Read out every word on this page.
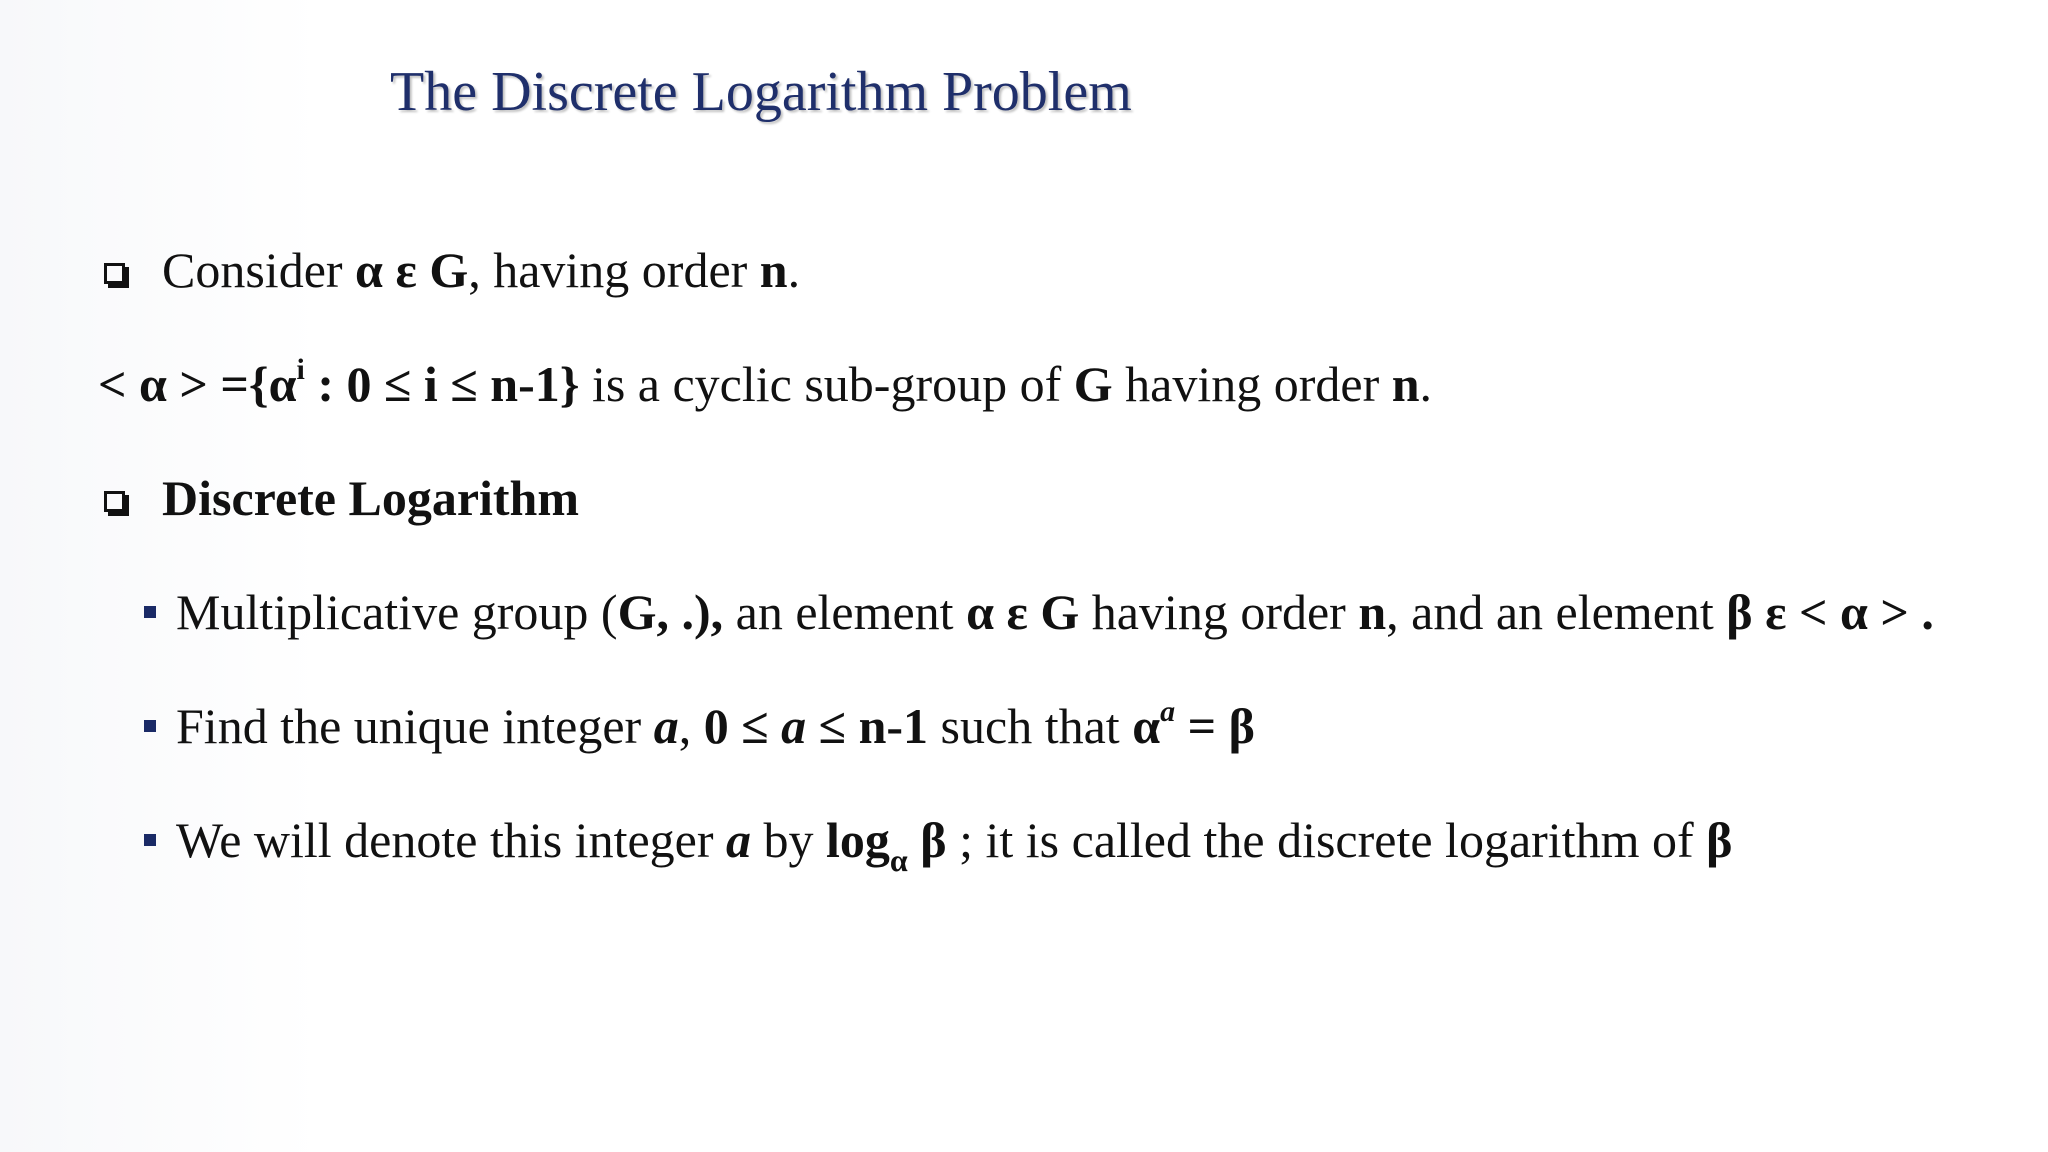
The Discrete Logarithm Problem
Consider α ε G, having order n.
< $\alpha > =\{\alpha^i$ : 0 ≤ i ≤ n-1} is a cyclic sub-group of G having order n.
Discrete Logarithm
Multiplicative group (G, .), an element α ε G having order n, and an element β ε < α > .
Find the unique integer a, 0 ≤ a ≤ n-1 such that $\alpha^a = \beta$
We will denote this integer a by $\log_\alpha \beta$ ; it is called the discrete logarithm of β
